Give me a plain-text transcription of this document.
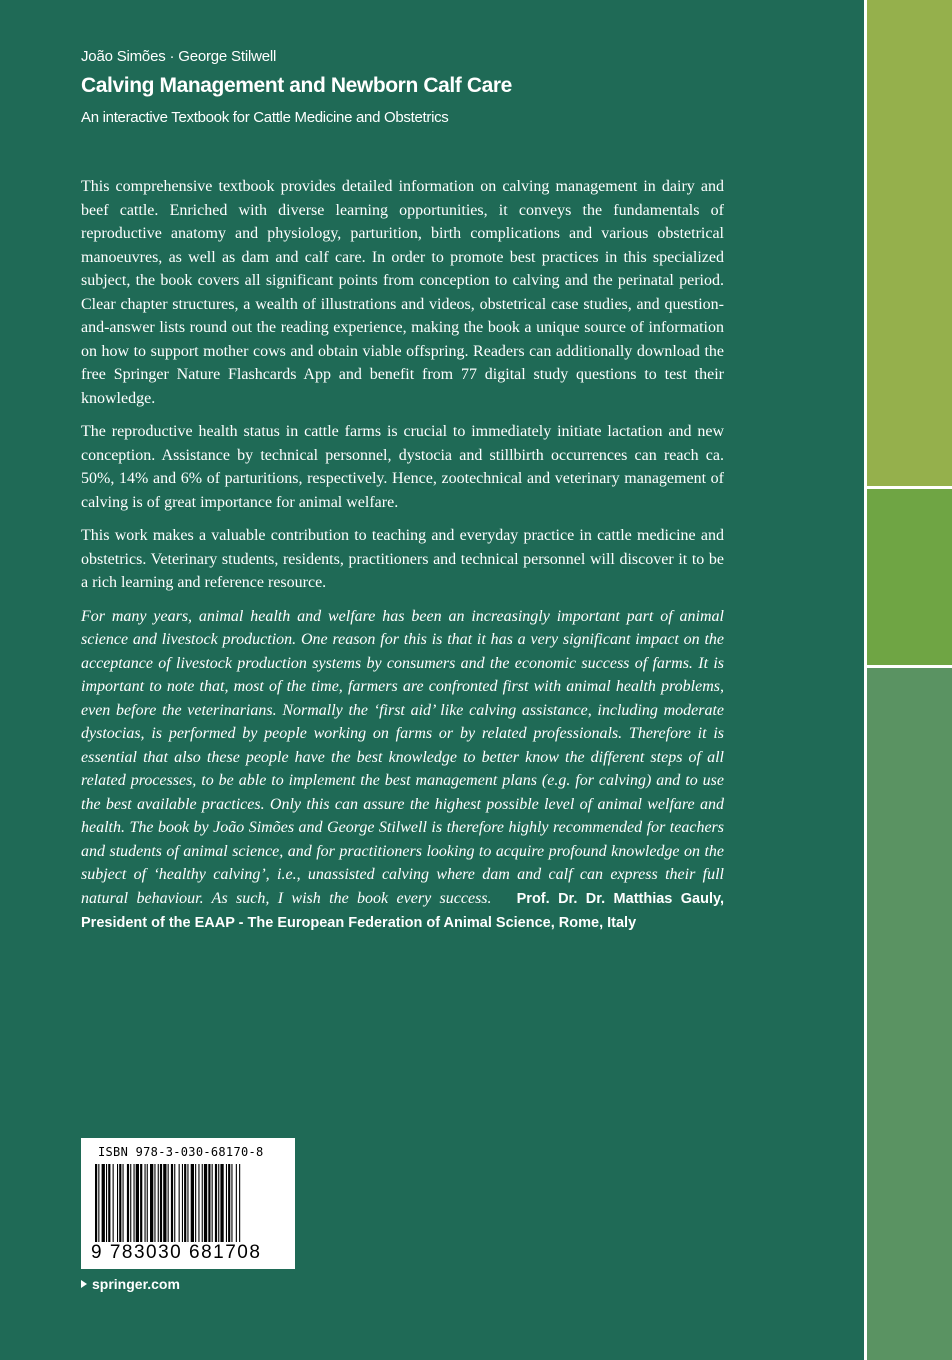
João Simões · George Stilwell
Calving Management and Newborn Calf Care
An interactive Textbook for Cattle Medicine and Obstetrics

This comprehensive textbook provides detailed information on calving management in dairy and beef cattle. Enriched with diverse learning opportunities, it conveys the fundamentals of reproductive anatomy and physiology, parturition, birth complications and various obstetrical manoeuvres, as well as dam and calf care. In order to promote best practices in this specialized subject, the book covers all significant points from conception to calving and the perinatal period. Clear chapter structures, a wealth of illustrations and videos, obstetrical case studies, and question-and-answer lists round out the reading experience, making the book a unique source of information on how to support mother cows and obtain viable offspring. Readers can additionally download the free Springer Nature Flashcards App and benefit from 77 digital study questions to test their knowledge.

The reproductive health status in cattle farms is crucial to immediately initiate lactation and new conception. Assistance by technical personnel, dystocia and stillbirth occurrences can reach ca. 50%, 14% and 6% of parturitions, respectively. Hence, zootechnical and veterinary management of calving is of great importance for animal welfare.

This work makes a valuable contribution to teaching and everyday practice in cattle medicine and obstetrics. Veterinary students, residents, practitioners and technical personnel will discover it to be a rich learning and reference resource.

For many years, animal health and welfare has been an increasingly important part of animal science and livestock production. One reason for this is that it has a very significant impact on the acceptance of livestock production systems by consumers and the economic success of farms. It is important to note that, most of the time, farmers are confronted first with animal health problems, even before the veterinarians. Normally the ‘first aid’ like calving assistance, including moderate dystocias, is performed by people working on farms or by related professionals. Therefore it is essential that also these people have the best knowledge to better know the different steps of all related processes, to be able to implement the best management plans (e.g. for calving) and to use the best available practices. Only this can assure the highest possible level of animal welfare and health. The book by João Simões and George Stilwell is therefore highly recommended for teachers and students of animal science, and for practitioners looking to acquire profound knowledge on the subject of ‘healthy calving’, i.e., unassisted calving where dam and calf can express their full natural behaviour. As such, I wish the book every success. Prof. Dr. Dr. Matthias Gauly, President of the EAAP - The European Federation of Animal Science, Rome, Italy

ISBN 978-3-030-68170-8
9 783030 681708
springer.com
